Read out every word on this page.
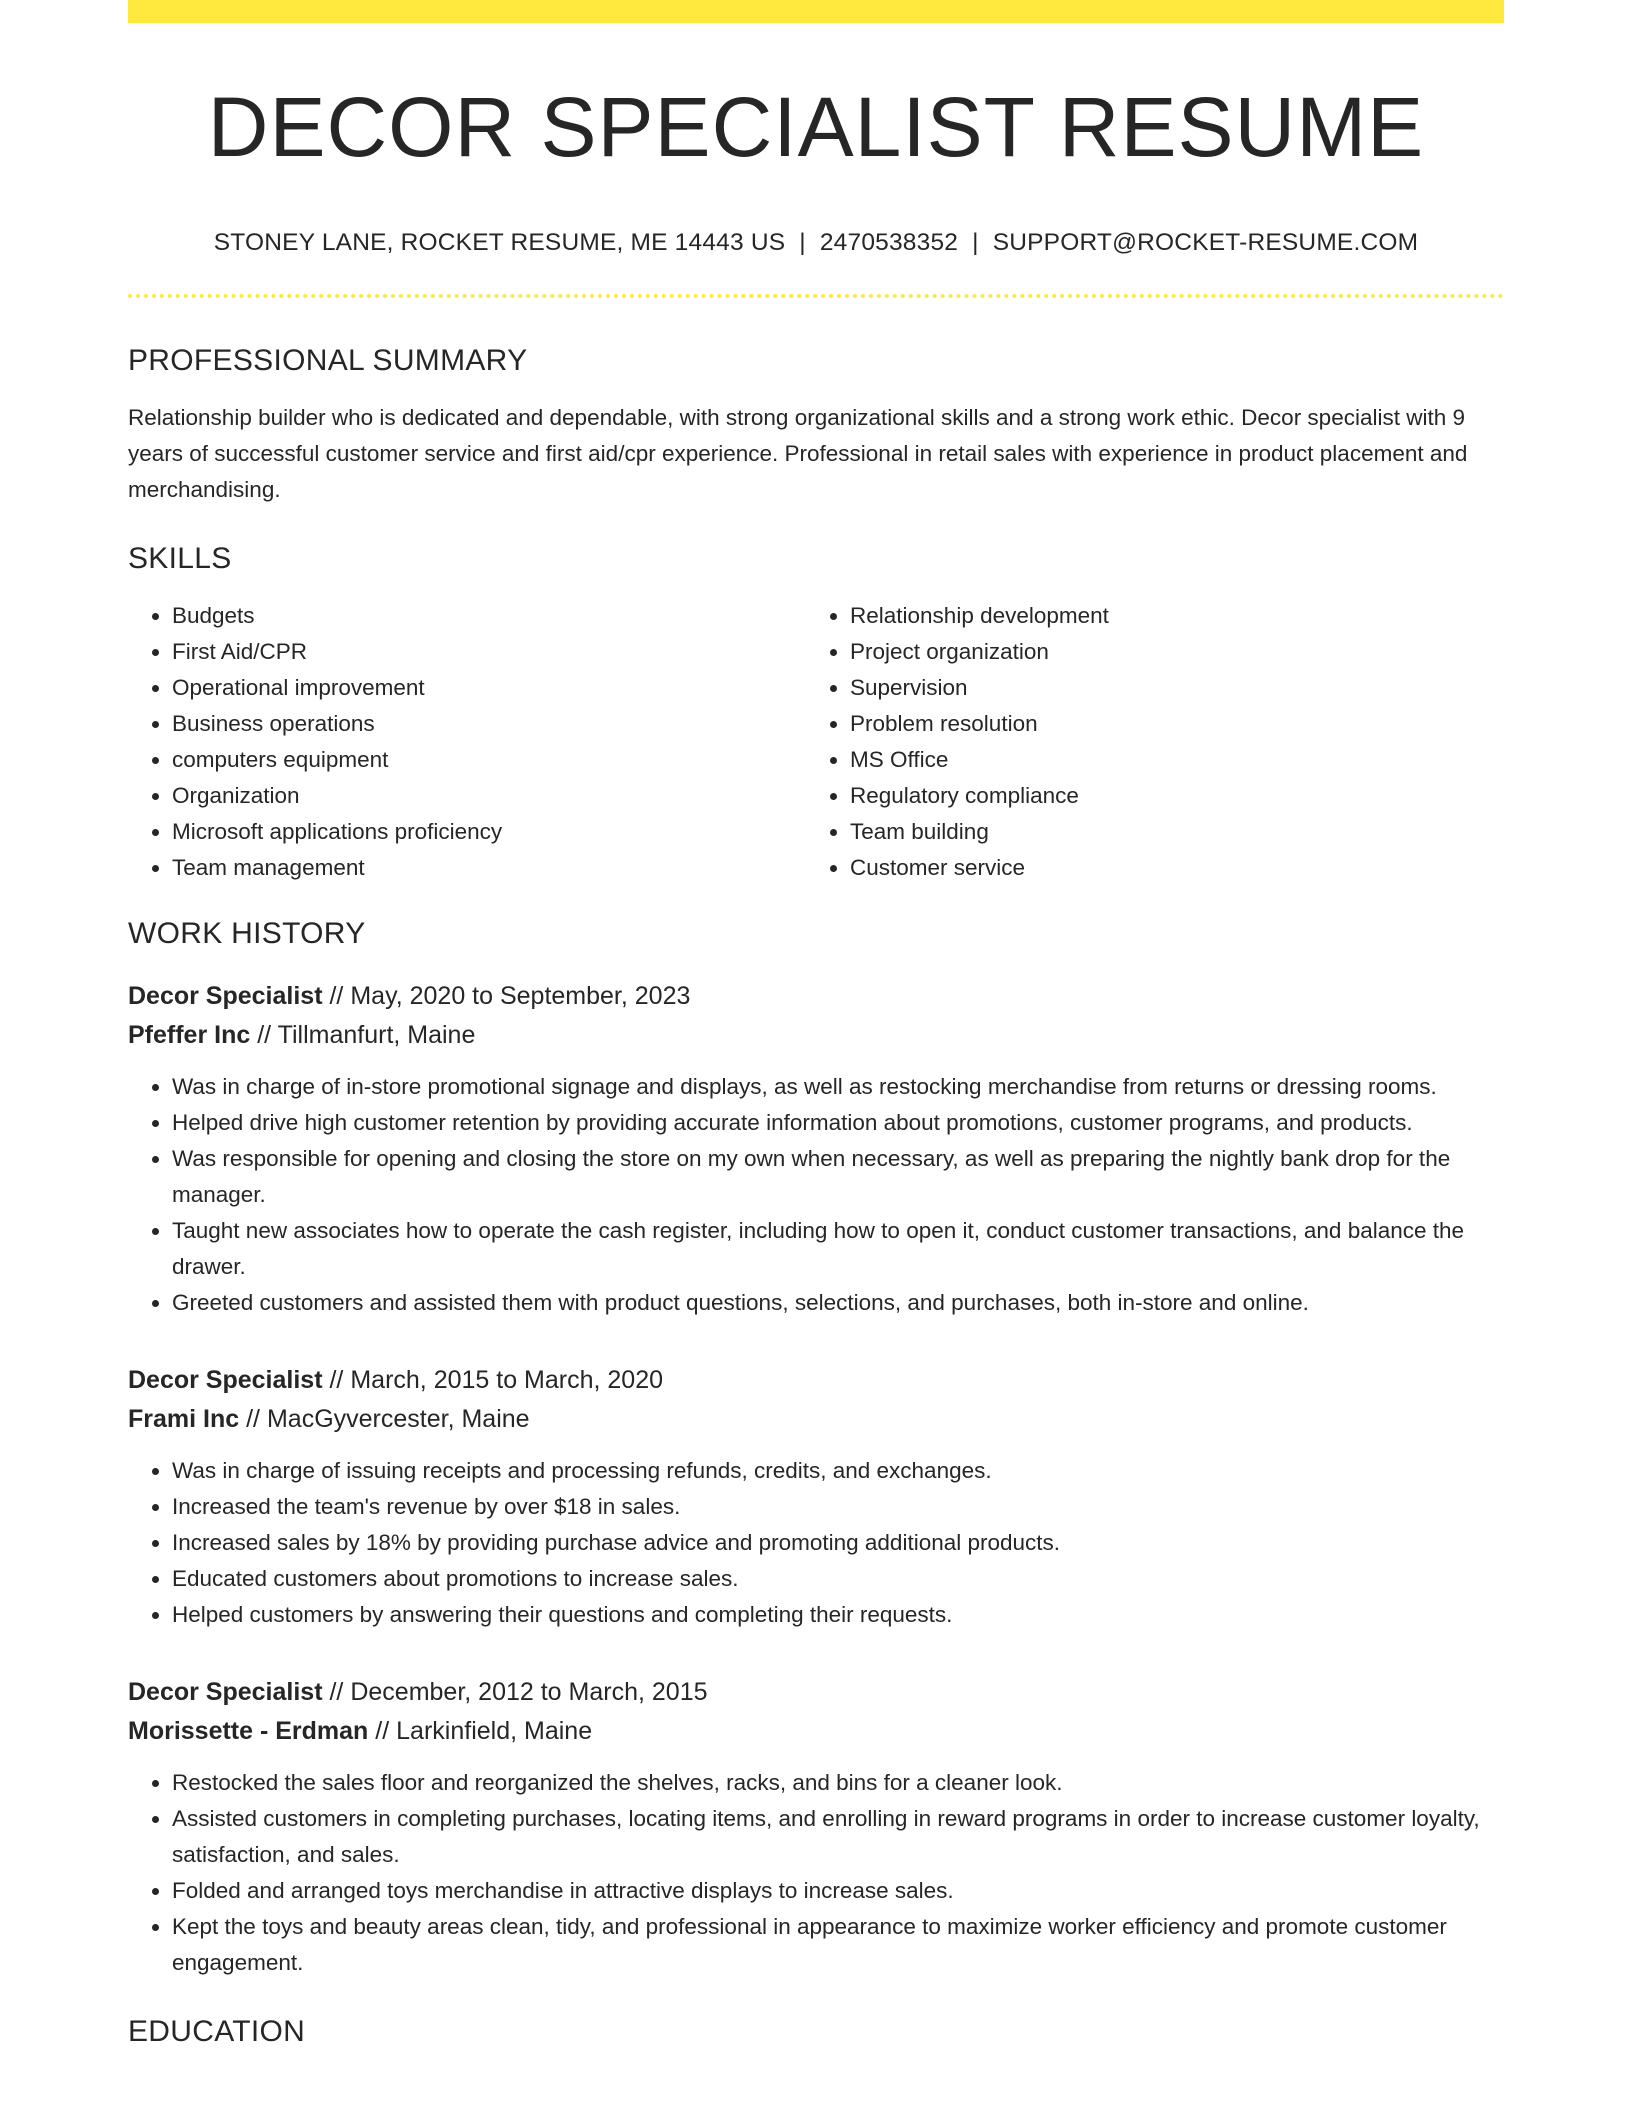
DECOR SPECIALIST RESUME
STONEY LANE, ROCKET RESUME, ME 14443 US | 2470538352 | SUPPORT@ROCKET-RESUME.COM
PROFESSIONAL SUMMARY

Relationship builder who is dedicated and dependable, with strong organizational skills and a strong work ethic. Decor specialist with 9 years of successful customer service and first aid/cpr experience. Professional in retail sales with experience in product placement and merchandising.

SKILLS
• Budgets
• First Aid/CPR
• Operational improvement
• Business operations
• computers equipment
• Organization
• Microsoft applications proficiency
• Team management
• Relationship development
• Project organization
• Supervision
• Problem resolution
• MS Office
• Regulatory compliance
• Team building
• Customer service
WORK HISTORY
Decor Specialist // May, 2020 to September, 2023
Pfeffer Inc // Tillmanfurt, Maine
• Was in charge of in-store promotional signage and displays, as well as restocking merchandise from returns or dressing rooms.
• Helped drive high customer retention by providing accurate information about promotions, customer programs, and products.
• Was responsible for opening and closing the store on my own when necessary, as well as preparing the nightly bank drop for the manager.
• Taught new associates how to operate the cash register, including how to open it, conduct customer transactions, and balance the drawer.
• Greeted customers and assisted them with product questions, selections, and purchases, both in-store and online.
Decor Specialist // March, 2015 to March, 2020
Frami Inc // MacGyvercester, Maine
• Was in charge of issuing receipts and processing refunds, credits, and exchanges.
• Increased the team's revenue by over $18 in sales.
• Increased sales by 18% by providing purchase advice and promoting additional products.
• Educated customers about promotions to increase sales.
• Helped customers by answering their questions and completing their requests.
Decor Specialist // December, 2012 to March, 2015
Morissette - Erdman // Larkinfield, Maine
• Restocked the sales floor and reorganized the shelves, racks, and bins for a cleaner look.
• Assisted customers in completing purchases, locating items, and enrolling in reward programs in order to increase customer loyalty, satisfaction, and sales.
• Folded and arranged toys merchandise in attractive displays to increase sales.
• Kept the toys and beauty areas clean, tidy, and professional in appearance to maximize worker efficiency and promote customer engagement.
EDUCATION
